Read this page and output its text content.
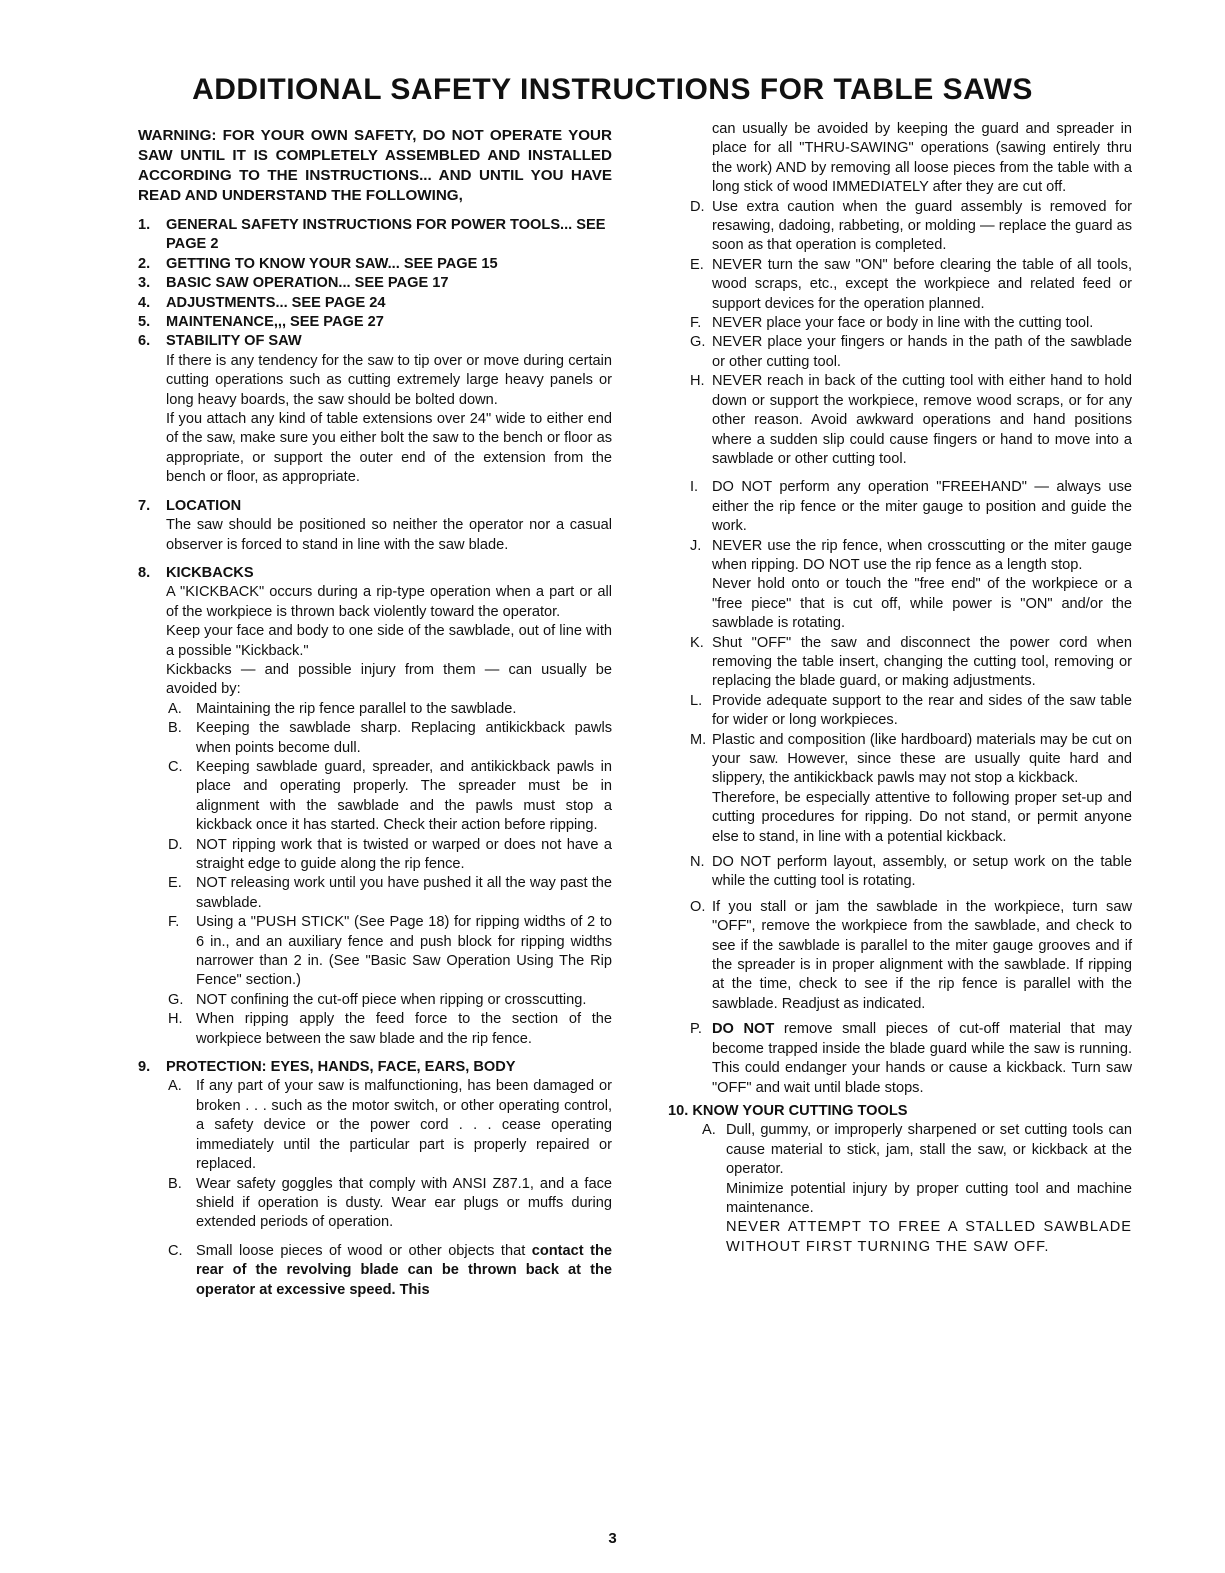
ADDITIONAL SAFETY INSTRUCTIONS FOR TABLE SAWS
WARNING: FOR YOUR OWN SAFETY, DO NOT OPERATE YOUR SAW UNTIL IT IS COMPLETELY ASSEMBLED AND INSTALLED ACCORDING TO THE INSTRUCTIONS... AND UNTIL YOU HAVE READ AND UNDERSTAND THE FOLLOWING,
1. GENERAL SAFETY INSTRUCTIONS FOR POWER TOOLS... SEE PAGE 2
2. GETTING TO KNOW YOUR SAW... SEE PAGE 15
3. BASIC SAW OPERATION... SEE PAGE 17
4. ADJUSTMENTS... SEE PAGE 24
5. MAINTENANCE,,, SEE PAGE 27
6. STABILITY OF SAW

If there is any tendency for the saw to tip over or move during certain cutting operations such as cutting extremely large heavy panels or long heavy boards, the saw should be bolted down.

If you attach any kind of table extensions over 24" wide to either end of the saw, make sure you either bolt the saw to the bench or floor as appropriate, or support the outer end of the extension from the bench or floor, as appropriate.

7. LOCATION

The saw should be positioned so neither the operator nor a casual observer is forced to stand in line with the saw blade.

8. KICKBACKS

A "KICKBACK" occurs during a rip-type operation when a part or all of the workpiece is thrown back violently toward the operator.

Keep your face and body to one side of the sawblade, out of line with a possible "Kickback."

Kickbacks — and possible injury from them — can usually be avoided by:

A. Maintaining the rip fence parallel to the sawblade.
B. Keeping the sawblade sharp. Replacing antikickback pawls when points become dull.
C. Keeping sawblade guard, spreader, and antikickback pawls in place and operating properly. The spreader must be in alignment with the sawblade and the pawls must stop a kickback once it has started. Check their action before ripping.
D. NOT ripping work that is twisted or warped or does not have a straight edge to guide along the rip fence.
E. NOT releasing work until you have pushed it all the way past the sawblade.
F. Using a "PUSH STICK" (See Page 18) for ripping widths of 2 to 6 in., and an auxiliary fence and push block for ripping widths narrower than 2 in. (See "Basic Saw Operation Using The Rip Fence" section.)
G. NOT confining the cut-off piece when ripping or crosscutting.
H. When ripping apply the feed force to the section of the workpiece between the saw blade and the rip fence.
9. PROTECTION: EYES, HANDS, FACE, EARS, BODY
A. If any part of your saw is malfunctioning, has been damaged or broken . . . such as the motor switch, or other operating control, a safety device or the power cord . . . cease operating immediately until the particular part is properly repaired or replaced.
B. Wear safety goggles that comply with ANSI Z87.1, and a face shield if operation is dusty. Wear ear plugs or muffs during extended periods of operation.
C. Small loose pieces of wood or other objects that contact the rear of the revolving blade can be thrown back at the operator at excessive speed. This

can usually be avoided by keeping the guard and spreader in place for all "THRU-SAWING" operations (sawing entirely thru the work) AND by removing all loose pieces from the table with a long stick of wood IMMEDIATELY after they are cut off.

D. Use extra caution when the guard assembly is removed for resawing, dadoing, rabbeting, or molding — replace the guard as soon as that operation is completed.
E. NEVER turn the saw "ON" before clearing the table of all tools, wood scraps, etc., except the workpiece and related feed or support devices for the operation planned.
F. NEVER place your face or body in line with the cutting tool.
G. NEVER place your fingers or hands in the path of the sawblade or other cutting tool.
H. NEVER reach in back of the cutting tool with either hand to hold down or support the workpiece, remove wood scraps, or for any other reason. Avoid awkward operations and hand positions where a sudden slip could cause fingers or hand to move into a sawblade or other cutting tool.
I. DO NOT perform any operation "FREEHAND" — always use either the rip fence or the miter gauge to position and guide the work.
J. NEVER use the rip fence, when crosscutting or the miter gauge when ripping. DO NOT use the rip fence as a length stop.

Never hold onto or touch the "free end" of the workpiece or a "free piece" that is cut off, while power is "ON" and/or the sawblade is rotating.

K. Shut "OFF" the saw and disconnect the power cord when removing the table insert, changing the cutting tool, removing or replacing the blade guard, or making adjustments.
L. Provide adequate support to the rear and sides of the saw table for wider or long workpieces.
M. Plastic and composition (like hardboard) materials may be cut on your saw. However, since these are usually quite hard and slippery, the antikickback pawls may not stop a kickback.

Therefore, be especially attentive to following proper set-up and cutting procedures for ripping. Do not stand, or permit anyone else to stand, in line with a potential kickback.

N. DO NOT perform layout, assembly, or setup work on the table while the cutting tool is rotating.
O. If you stall or jam the sawblade in the workpiece, turn saw "OFF", remove the workpiece from the sawblade, and check to see if the sawblade is parallel to the miter gauge grooves and if the spreader is in proper alignment with the sawblade. If ripping at the time, check to see if the rip fence is parallel with the sawblade. Readjust as indicated.
P. DO NOT remove small pieces of cut-off material that may become trapped inside the blade guard while the saw is running. This could endanger your hands or cause a kickback. Turn saw "OFF" and wait until blade stops.
10. KNOW YOUR CUTTING TOOLS
A. Dull, gummy, or improperly sharpened or set cutting tools can cause material to stick, jam, stall the saw, or kickback at the operator.

Minimize potential injury by proper cutting tool and machine maintenance.

NEVER ATTEMPT TO FREE A STALLED SAWBLADE WITHOUT FIRST TURNING THE SAW OFF.

3
